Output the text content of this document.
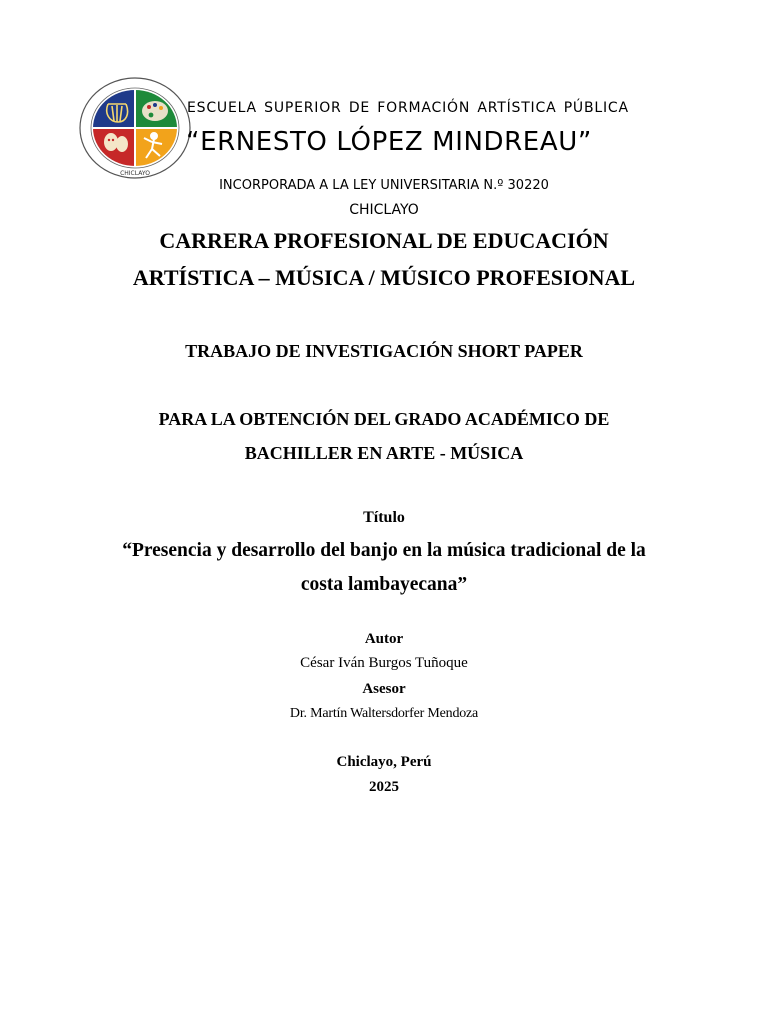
CHICLAYO
ESCUELA SUPERIOR DE FORMACIÓN ARTÍSTICA PÚBLICA
“ERNESTO LÓPEZ MINDREAU”
INCORPORADA A LA LEY UNIVERSITARIA N.º 30220
CHICLAYO
CARRERA PROFESIONAL DE EDUCACIÓN
ARTÍSTICA – MÚSICA / MÚSICO PROFESIONAL
TRABAJO DE INVESTIGACIÓN SHORT PAPER
PARA LA OBTENCIÓN DEL GRADO ACADÉMICO DE
BACHILLER EN ARTE - MÚSICA
Título
“Presencia y desarrollo del banjo en la música tradicional de la
costa lambayecana”
Autor
César Iván Burgos Tuñoque
Asesor
Dr. Martín Waltersdorfer Mendoza
Chiclayo, Perú
2025
